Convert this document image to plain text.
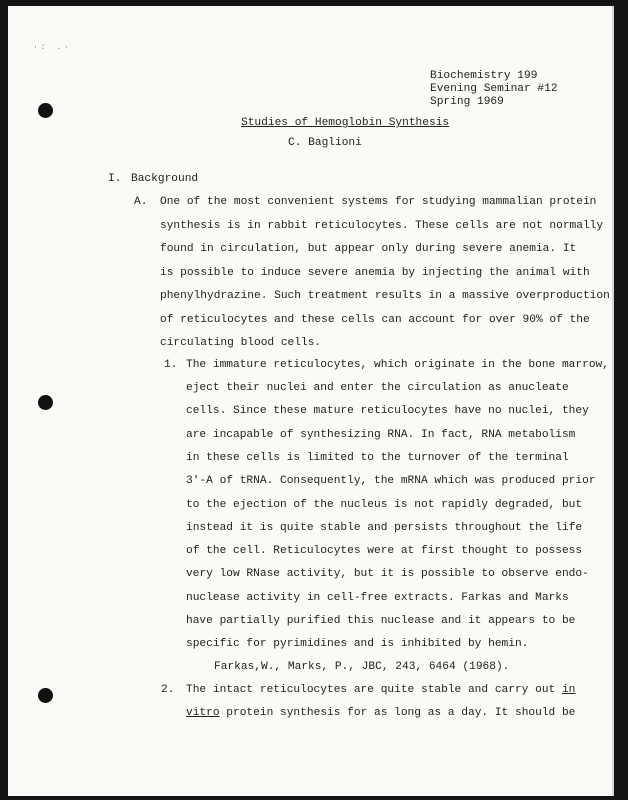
·: .·
Biochemistry 199
Evening Seminar #12
Spring 1969
Studies of Hemoglobin Synthesis
C. Baglioni
I. Background
A. One of the most convenient systems for studying mammalian protein
synthesis is in rabbit reticulocytes. These cells are not normally
found in circulation, but appear only during severe anemia. It
is possible to induce severe anemia by injecting the animal with
phenylhydrazine. Such treatment results in a massive overproduction
of reticulocytes and these cells can account for over 90% of the
circulating blood cells.
1. The immature reticulocytes, which originate in the bone marrow,
eject their nuclei and enter the circulation as anucleate
cells. Since these mature reticulocytes have no nuclei, they
are incapable of synthesizing RNA. In fact, RNA metabolism
in these cells is limited to the turnover of the terminal
3'-A of tRNA. Consequently, the mRNA which was produced prior
to the ejection of the nucleus is not rapidly degraded, but
instead it is quite stable and persists throughout the life
of the cell. Reticulocytes were at first thought to possess
very low RNase activity, but it is possible to observe endo-
nuclease activity in cell-free extracts. Farkas and Marks
have partially purified this nuclease and it appears to be
specific for pyrimidines and is inhibited by hemin.
Farkas,W., Marks, P., JBC, 243, 6464 (1968).
2. The intact reticulocytes are quite stable and carry out in
vitro protein synthesis for as long as a day. It should be
